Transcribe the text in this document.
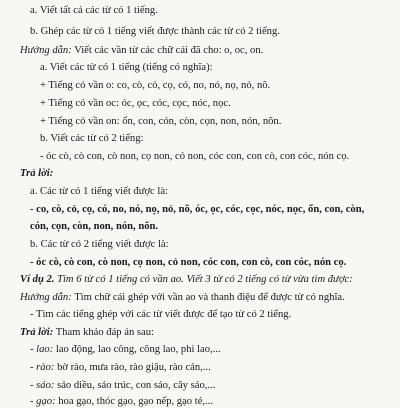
a. Viết tất cả các từ có 1 tiếng.
b. Ghép các từ có 1 tiếng viết được thành các từ có 2 tiếng.
Hướng dẫn: Viết các vần từ các chữ cái đã cho: o, oc, on.
a. Viết các từ có 1 tiếng (tiếng có nghĩa):
+ Tiếng có vần o: co, cò, cỏ, cọ, có, no, nó, nọ, nỏ, nõ.
+ Tiếng có vần oc: óc, ọc, cóc, cọc, nóc, nọc.
+ Tiếng có vần on: ốn, con, cón, còn, cọn, non, nón, nõn.
b. Viết các từ có 2 tiếng:
- óc cò, cò con, cò non, cọ non, cỏ non, cóc con, con cò, con cóc, nón cọ.
Trả lời:
a. Các từ có 1 tiếng viết được là:
- co, cò, cỏ, cọ, có, no, nó, nọ, nỏ, nõ, óc, ọc, cóc, cọc, nóc, nọc, ốn, con, còn,
cón, cọn, còn, non, nón, nõn.
b. Các từ có 2 tiếng viết được là:
- óc cò, cò con, cò non, cọ non, cỏ non, cóc con, con cò, con cóc, nón cọ.
Ví dụ 2. Tìm 6 từ có 1 tiếng có vần ao. Viết 3 từ có 2 tiếng có từ vừa tìm được:
Hướng dẫn: Tìm chữ cái ghép với vần ao và thanh điệu để được từ có nghĩa.
- Tìm các tiếng ghép với các từ viết được để tạo từ có 2 tiếng.
Trả lời: Tham khảo đáp án sau:
- lao: lao động, lao công, công lao, phi lao,...
- rào: bờ rào, mưa rào, rào giậu, rào cản,...
- sáo: sáo diều, sáo trúc, con sáo, cây sáo,...
- gạo: hoa gạo, thóc gạo, gạo nếp, gạo tẻ,...
